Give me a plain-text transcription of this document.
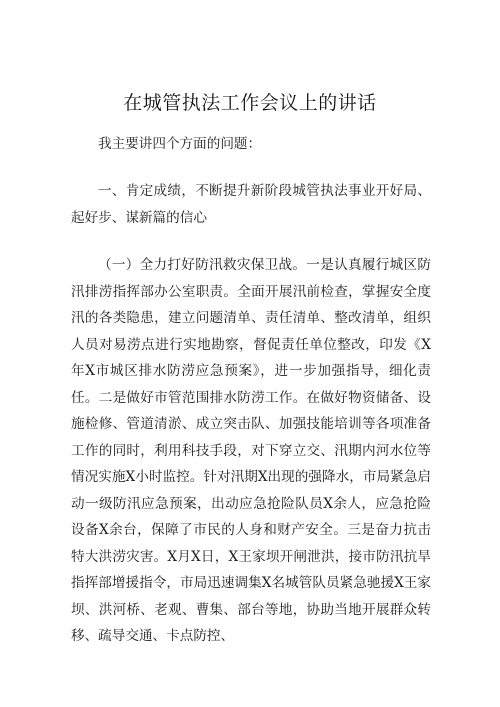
在城管执法工作会议上的讲话

我主要讲四个方面的问题：

一、肯定成绩，不断提升新阶段城管执法事业开好局、起好步、谋新篇的信心

（一）全力打好防汛救灾保卫战。一是认真履行城区防汛排涝指挥部办公室职责。全面开展汛前检查，掌握安全度汛的各类隐患，建立问题清单、责任清单、整改清单，组织人员对易涝点进行实地勘察，督促责任单位整改，印发《X年X市城区排水防涝应急预案》，进一步加强指导，细化责任。二是做好市管范围排水防涝工作。在做好物资储备、设施检修、管道清淤、成立突击队、加强技能培训等各项准备工作的同时，利用科技手段，对下穿立交、汛期内河水位等情况实施X小时监控。针对汛期X出现的强降水，市局紧急启动一级防汛应急预案，出动应急抢险队员X余人，应急抢险设备X余台，保障了市民的人身和财产安全。三是奋力抗击特大洪涝灾害。X月X日，X王家坝开闸泄洪，接市防汛抗旱指挥部增援指令，市局迅速调集X名城管队员紧急驰援X王家坝、洪河桥、老观、曹集、部台等地，协助当地开展群众转移、疏导交通、卡点防控、
